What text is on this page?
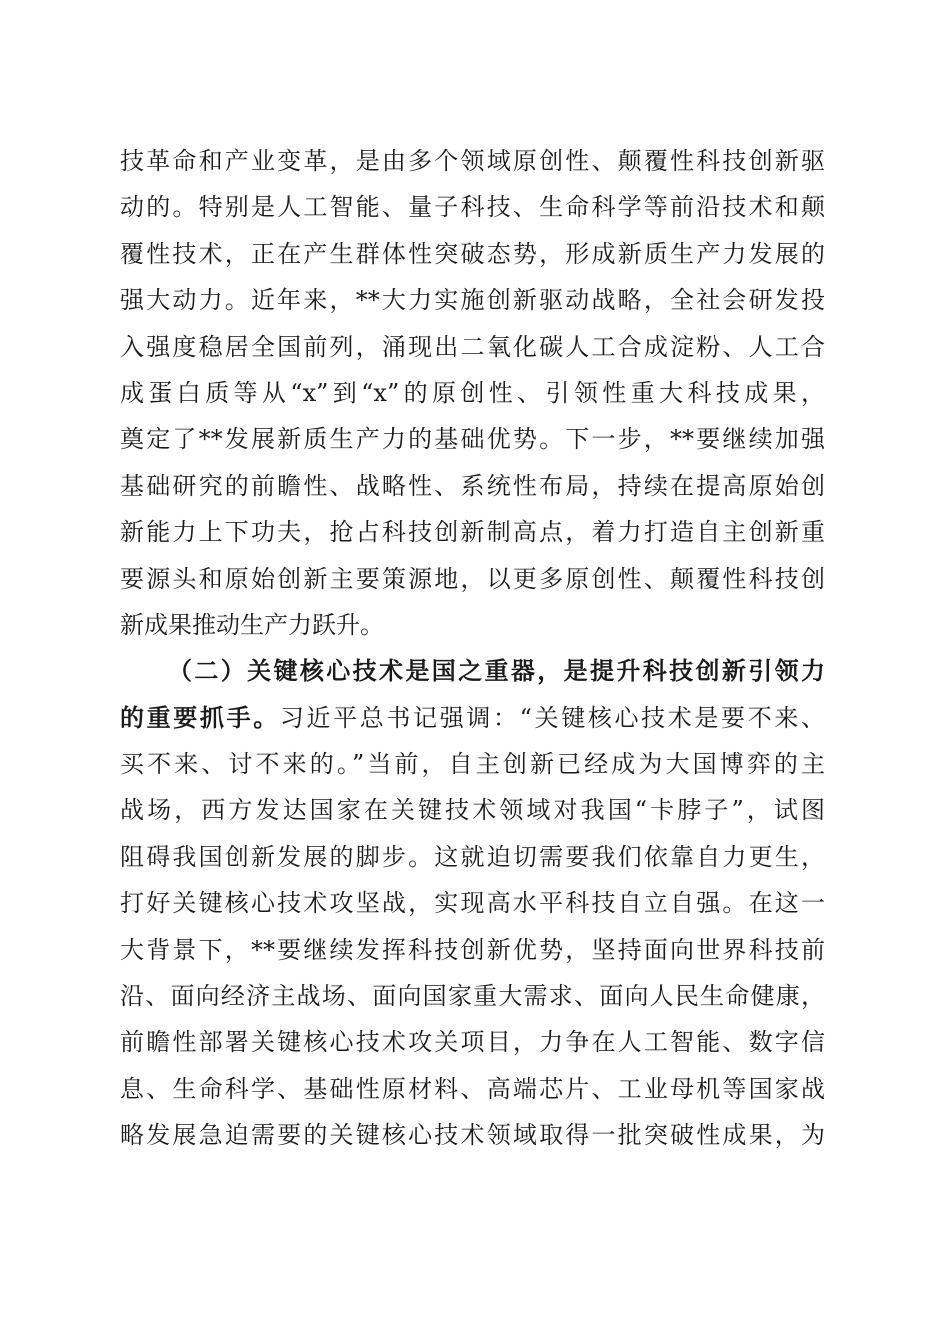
技革命和产业变革，是由多个领域原创性、颠覆性科技创新驱
动的。特别是人工智能、量子科技、生命科学等前沿技术和颠
覆性技术，正在产生群体性突破态势，形成新质生产力发展的
强大动力。近年来，**大力实施创新驱动战略，全社会研发投
入强度稳居全国前列，涌现出二氧化碳人工合成淀粉、人工合
成蛋白质等从“x”到“x”的原创性、引领性重大科技成果，
奠定了**发展新质生产力的基础优势。下一步，**要继续加强
基础研究的前瞻性、战略性、系统性布局，持续在提高原始创
新能力上下功夫，抢占科技创新制高点，着力打造自主创新重
要源头和原始创新主要策源地，以更多原创性、颠覆性科技创
新成果推动生产力跃升。
（二）关键核心技术是国之重器，是提升科技创新引领力
的重要抓手。习近平总书记强调：“关键核心技术是要不来、
买不来、讨不来的。”当前，自主创新已经成为大国博弈的主
战场，西方发达国家在关键技术领域对我国“卡脖子”，试图
阻碍我国创新发展的脚步。这就迫切需要我们依靠自力更生，
打好关键核心技术攻坚战，实现高水平科技自立自强。在这一
大背景下，**要继续发挥科技创新优势，坚持面向世界科技前
沿、面向经济主战场、面向国家重大需求、面向人民生命健康，
前瞻性部署关键核心技术攻关项目，力争在人工智能、数字信
息、生命科学、基础性原材料、高端芯片、工业母机等国家战
略发展急迫需要的关键核心技术领域取得一批突破性成果，为
